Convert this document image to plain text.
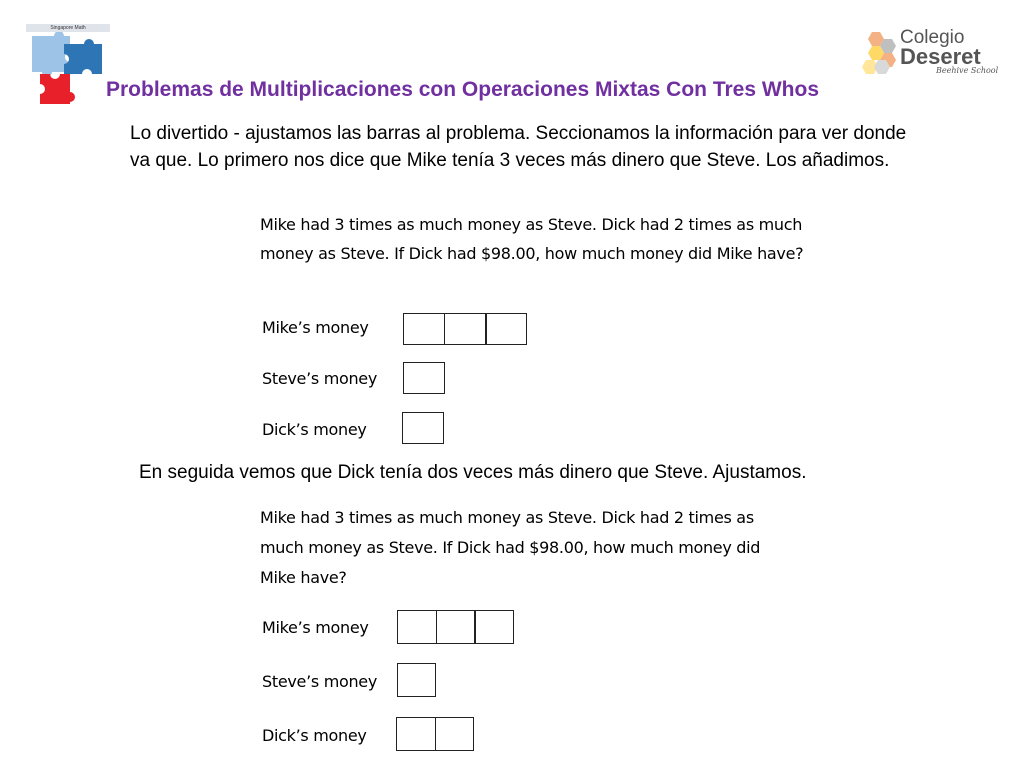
Singapore Math	Colegio
Deseret
Beehive School
Problemas de Multiplicaciones con Operaciones Mixtas Con Tres Whos
Lo divertido - ajustamos las barras al problema. Seccionamos la información para ver donde va que. Lo primero nos dice que Mike tenía 3 veces más dinero que Steve. Los añadimos.
Mike had 3 times as much money as Steve. Dick had 2 times as much money as Steve. If Dick had $98.00, how much money did Mike have?
Mike’s money
Steve’s money
Dick’s money
En seguida vemos que Dick tenía dos veces más dinero que Steve. Ajustamos.
Mike had 3 times as much money as Steve. Dick had 2 times as much money as Steve. If Dick had $98.00, how much money did Mike have?
Mike’s money
Steve’s money
Dick’s money
